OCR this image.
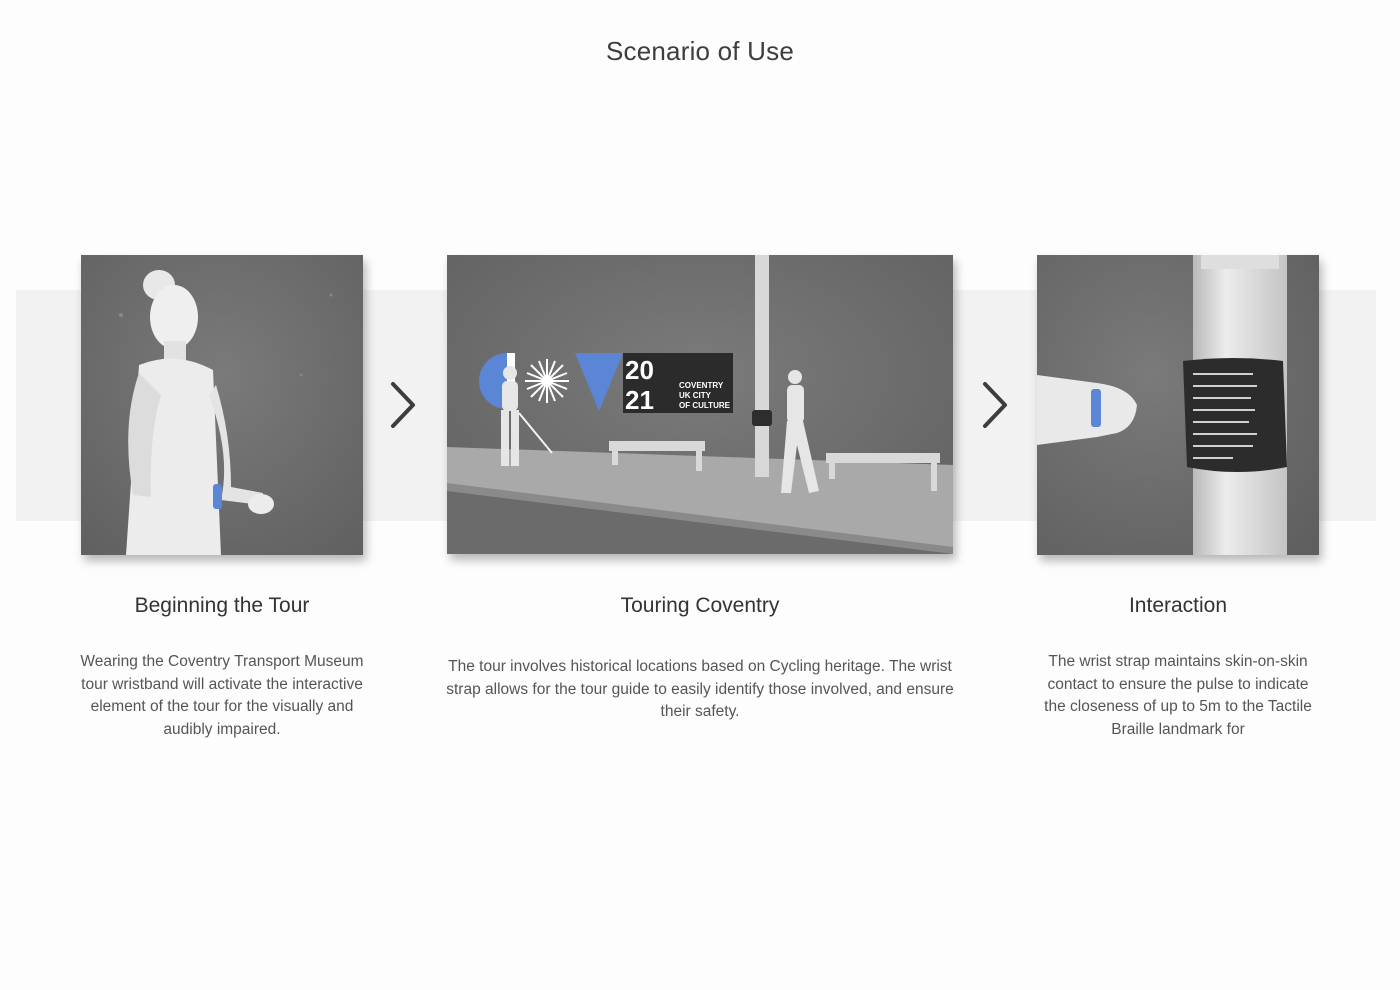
Scenario of Use
20
21	COVENTRY
UK CITY
OF CULTURE
Beginning the Tour	Touring Coventry	Interaction
Wearing the Coventry Transport Museum tour wristband will activate the interactive element of the tour for the visually and audibly impaired.
The tour involves historical locations based on Cycling heritage. The wrist strap allows for the tour guide to easily identify those involved, and ensure their safety.
The wrist strap maintains skin-on-skin contact to ensure the pulse to indicate the closeness of up to 5m to the Tactile Braille landmark for
